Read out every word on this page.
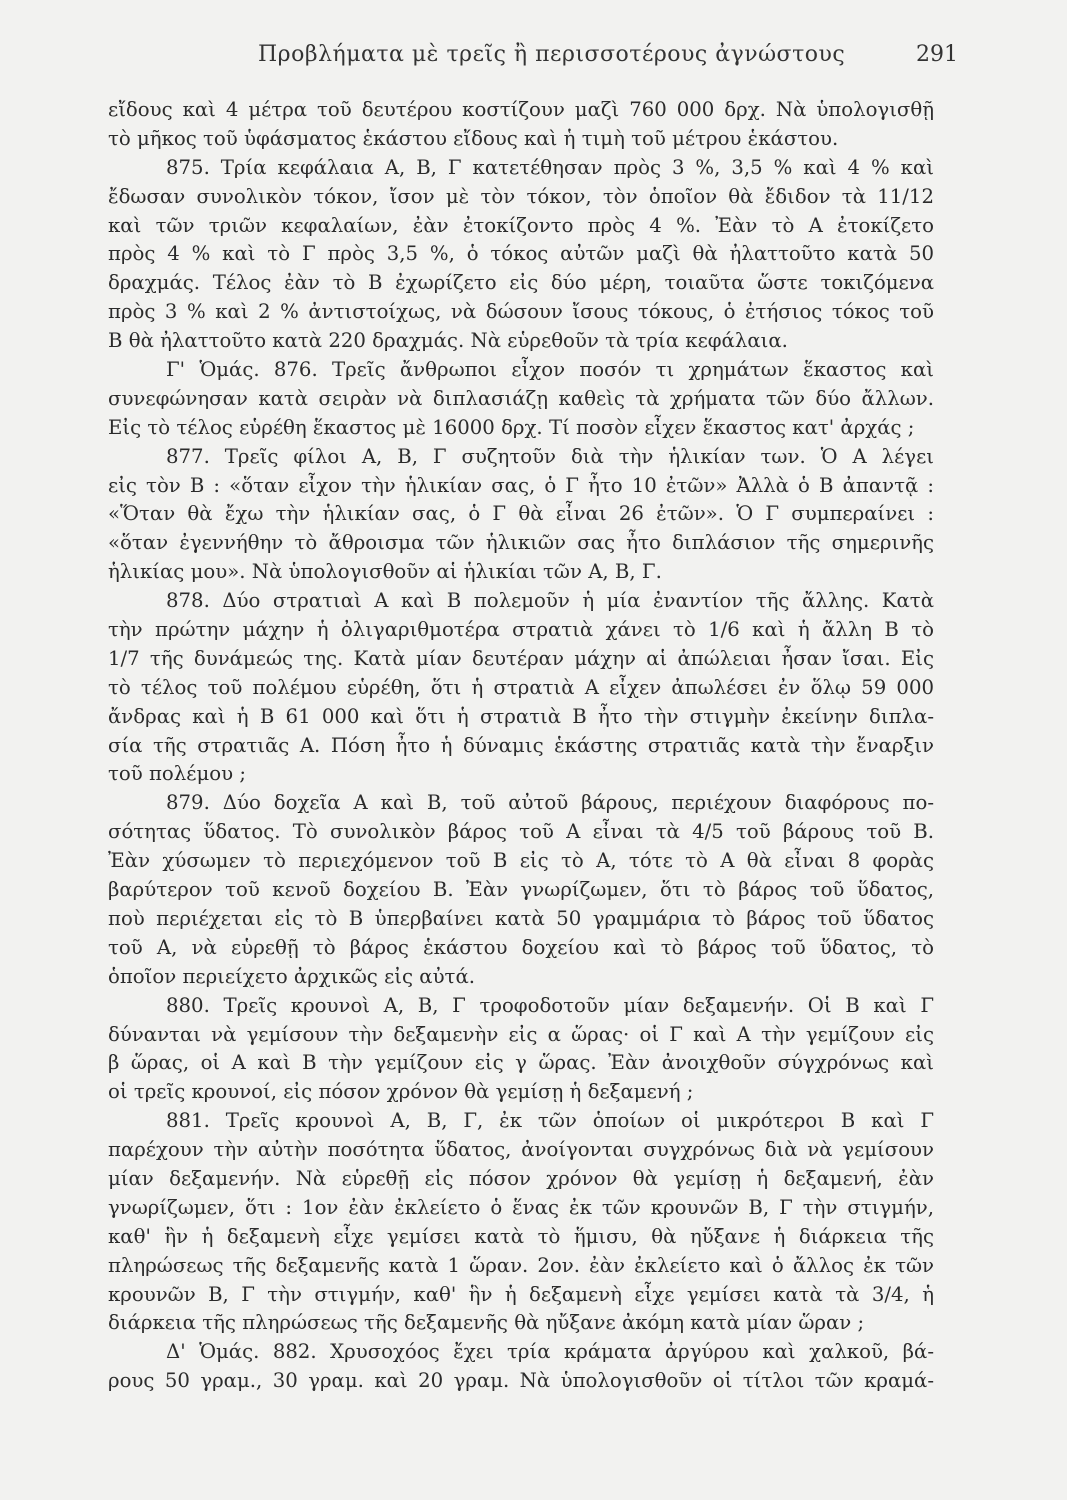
Προβλήματα μὲ τρεῖς ἢ περισσοτέρους ἀγνώστους	291
εἴδους καὶ 4 μέτρα τοῦ δευτέρου κοστίζουν μαζὶ 760 000 δρχ. Νὰ ὑπολογισθῇ
τὸ μῆκος τοῦ ὑφάσματος ἑκάστου εἴδους καὶ ἡ τιμὴ τοῦ μέτρου ἑκάστου.
875. Τρία κεφάλαια Α, Β, Γ κατετέθησαν πρὸς 3 %, 3,5 % καὶ 4 % καὶ
ἔδωσαν συνολικὸν τόκον, ἴσον μὲ τὸν τόκον, τὸν ὁποῖον θὰ ἔδιδον τὰ 11/12
καὶ τῶν τριῶν κεφαλαίων, ἐὰν ἐτοκίζοντο πρὸς 4 %. Ἐὰν τὸ Α ἐτοκίζετο
πρὸς 4 % καὶ τὸ Γ πρὸς 3,5 %, ὁ τόκος αὐτῶν μαζὶ θὰ ἠλαττοῦτο κατὰ 50
δραχμάς. Τέλος ἐὰν τὸ Β ἐχωρίζετο εἰς δύο μέρη, τοιαῦτα ὥστε τοκιζόμενα
πρὸς 3 % καὶ 2 % ἀντιστοίχως, νὰ δώσουν ἴσους τόκους, ὁ ἐτήσιος τόκος τοῦ
Β θὰ ἠλαττοῦτο κατὰ 220 δραχμάς. Νὰ εὑρεθοῦν τὰ τρία κεφάλαια.
Γ' Ὁμάς. 876. Τρεῖς ἄνθρωποι εἶχον ποσόν τι χρημάτων ἕκαστος καὶ
συνεφώνησαν κατὰ σειρὰν νὰ διπλασιάζῃ καθεὶς τὰ χρήματα τῶν δύο ἄλλων.
Εἰς τὸ τέλος εὑρέθη ἕκαστος μὲ 16000 δρχ. Τί ποσὸν εἶχεν ἕκαστος κατ' ἀρχάς ;
877. Τρεῖς φίλοι Α, Β, Γ συζητοῦν διὰ τὴν ἡλικίαν των. Ὁ Α λέγει
εἰς τὸν Β : «ὅταν εἶχον τὴν ἡλικίαν σας, ὁ Γ ἦτο 10 ἐτῶν» Ἀλλὰ ὁ Β ἀπαντᾷ :
«Ὅταν θὰ ἔχω τὴν ἡλικίαν σας, ὁ Γ θὰ εἶναι 26 ἐτῶν». Ὁ Γ συμπεραίνει :
«ὅταν ἐγεννήθην τὸ ἄθροισμα τῶν ἡλικιῶν σας ἦτο διπλάσιον τῆς σημερινῆς
ἡλικίας μου». Νὰ ὑπολογισθοῦν αἱ ἡλικίαι τῶν Α, Β, Γ.
878. Δύο στρατιαὶ Α καὶ Β πολεμοῦν ἡ μία ἐναντίον τῆς ἄλλης. Κατὰ
τὴν πρώτην μάχην ἡ ὀλιγαριθμοτέρα στρατιὰ χάνει τὸ 1/6 καὶ ἡ ἄλλη Β τὸ
1/7 τῆς δυνάμεώς της. Κατὰ μίαν δευτέραν μάχην αἱ ἀπώλειαι ἦσαν ἴσαι. Εἰς
τὸ τέλος τοῦ πολέμου εὑρέθη, ὅτι ἡ στρατιὰ Α εἶχεν ἀπωλέσει ἐν ὅλῳ 59 000
ἄνδρας καὶ ἡ Β 61 000 καὶ ὅτι ἡ στρατιὰ Β ἦτο τὴν στιγμὴν ἐκείνην διπλα-
σία τῆς στρατιᾶς Α. Πόση ἦτο ἡ δύναμις ἑκάστης στρατιᾶς κατὰ τὴν ἔναρξιν
τοῦ πολέμου ;
879. Δύο δοχεῖα Α καὶ Β, τοῦ αὐτοῦ βάρους, περιέχουν διαφόρους πο-
σότητας ὕδατος. Τὸ συνολικὸν βάρος τοῦ Α εἶναι τὰ 4/5 τοῦ βάρους τοῦ Β.
Ἐὰν χύσωμεν τὸ περιεχόμενον τοῦ Β εἰς τὸ Α, τότε τὸ Α θὰ εἶναι 8 φορὰς
βαρύτερον τοῦ κενοῦ δοχείου Β. Ἐὰν γνωρίζωμεν, ὅτι τὸ βάρος τοῦ ὕδατος,
ποὺ περιέχεται εἰς τὸ Β ὑπερβαίνει κατὰ 50 γραμμάρια τὸ βάρος τοῦ ὕδατος
τοῦ Α, νὰ εὑρεθῇ τὸ βάρος ἑκάστου δοχείου καὶ τὸ βάρος τοῦ ὕδατος, τὸ
ὁποῖον περιείχετο ἀρχικῶς εἰς αὐτά.
880. Τρεῖς κρουνοὶ Α, Β, Γ τροφοδοτοῦν μίαν δεξαμενήν. Οἱ Β καὶ Γ
δύνανται νὰ γεμίσουν τὴν δεξαμενὴν εἰς α ὥρας· οἱ Γ καὶ Α τὴν γεμίζουν εἰς
β ὥρας, οἱ Α καὶ Β τὴν γεμίζουν εἰς γ ὥρας. Ἐὰν ἀνοιχθοῦν σύγχρόνως καὶ
οἱ τρεῖς κρουνοί, εἰς πόσον χρόνον θὰ γεμίσῃ ἡ δεξαμενή ;
881. Τρεῖς κρουνοὶ Α, Β, Γ, ἐκ τῶν ὁποίων οἱ μικρότεροι Β καὶ Γ
παρέχουν τὴν αὐτὴν ποσότητα ὕδατος, ἀνοίγονται συγχρόνως διὰ νὰ γεμίσουν
μίαν δεξαμενήν. Νὰ εὑρεθῇ εἰς πόσον χρόνον θὰ γεμίσῃ ἡ δεξαμενή, ἐὰν
γνωρίζωμεν, ὅτι : 1ον ἐὰν ἐκλείετο ὁ ἕνας ἐκ τῶν κρουνῶν Β, Γ τὴν στιγμήν,
καθ' ἣν ἡ δεξαμενὴ εἶχε γεμίσει κατὰ τὸ ἥμισυ, θὰ ηὔξανε ἡ διάρκεια τῆς
πληρώσεως τῆς δεξαμενῆς κατὰ 1 ὥραν. 2ον. ἐὰν ἐκλείετο καὶ ὁ ἄλλος ἐκ τῶν
κρουνῶν Β, Γ τὴν στιγμήν, καθ' ἣν ἡ δεξαμενὴ εἶχε γεμίσει κατὰ τὰ 3/4, ἡ
διάρκεια τῆς πληρώσεως τῆς δεξαμενῆς θὰ ηὔξανε ἀκόμη κατὰ μίαν ὥραν ;
Δ' Ὁμάς. 882. Χρυσοχόος ἔχει τρία κράματα ἀργύρου καὶ χαλκοῦ, βά-
ρους 50 γραμ., 30 γραμ. καὶ 20 γραμ. Νὰ ὑπολογισθοῦν οἱ τίτλοι τῶν κραμά-
